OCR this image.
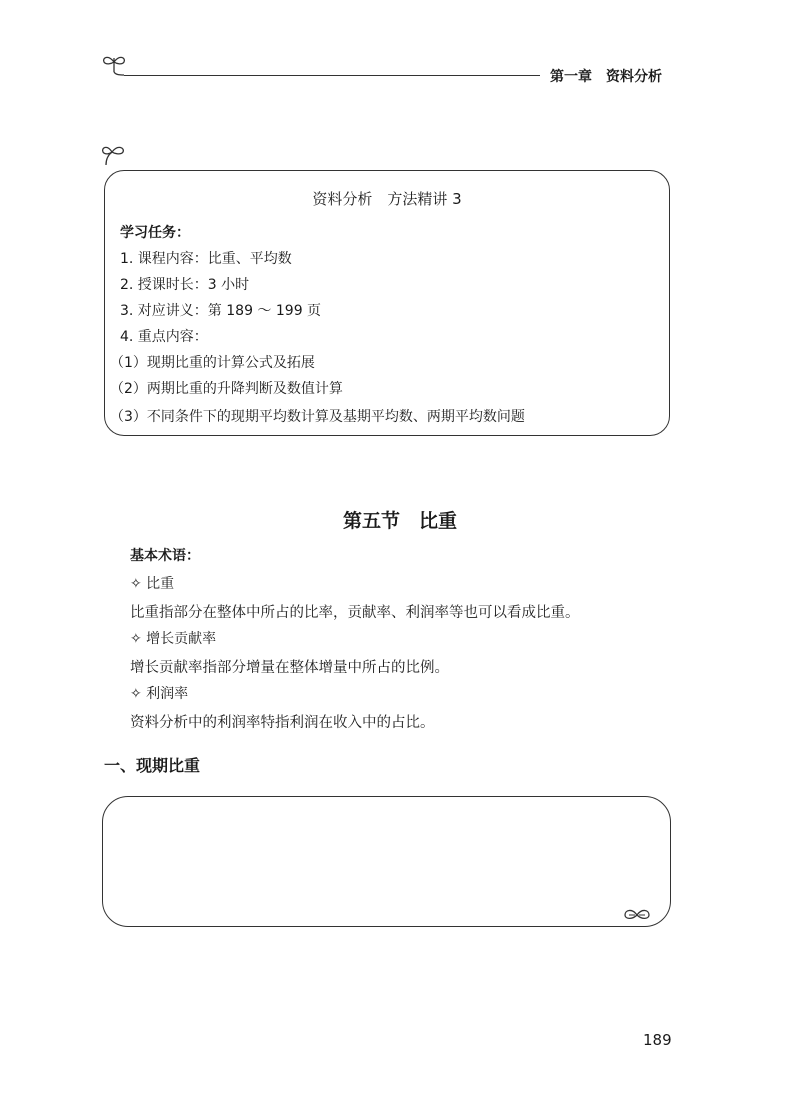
第一章　资料分析
资料分析　方法精讲 3
学习任务：
1. 课程内容：比重、平均数
2. 授课时长：3 小时
3. 对应讲义：第 189 ～ 199 页
4. 重点内容：
（1）现期比重的计算公式及拓展
（2）两期比重的升降判断及数值计算
（3）不同条件下的现期平均数计算及基期平均数、两期平均数问题
第五节　比重
基本术语：
✧ 比重
比重指部分在整体中所占的比率，贡献率、利润率等也可以看成比重。
✧ 增长贡献率
增长贡献率指部分增量在整体增量中所占的比例。
✧ 利润率
资料分析中的利润率特指利润在收入中的占比。
一、现期比重
189
